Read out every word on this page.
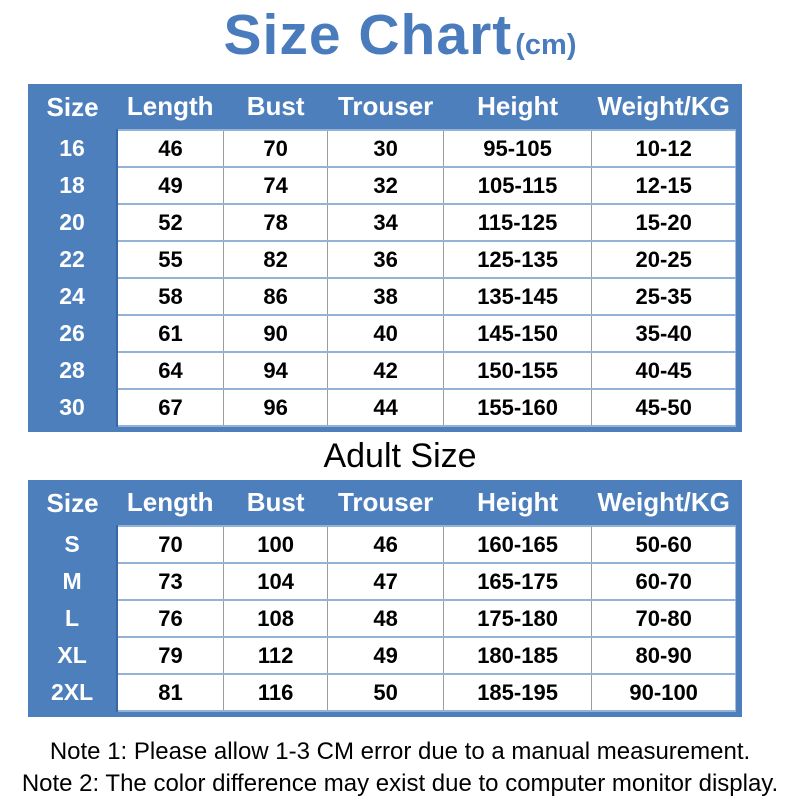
Size Chart (cm)
Size	Length	Bust	Trouser	Height	Weight/KG
16	46	70	30	95-105	10-12
18	49	74	32	105-115	12-15
20	52	78	34	115-125	15-20
22	55	82	36	125-135	20-25
24	58	86	38	135-145	25-35
26	61	90	40	145-150	35-40
28	64	94	42	150-155	40-45
30	67	96	44	155-160	45-50
Adult Size
Size	Length	Bust	Trouser	Height	Weight/KG
S	70	100	46	160-165	50-60
M	73	104	47	165-175	60-70
L	76	108	48	175-180	70-80
XL	79	112	49	180-185	80-90
2XL	81	116	50	185-195	90-100
Note 1: Please allow 1-3 CM error due to a manual measurement.
Note 2: The color difference may exist due to computer monitor display.
